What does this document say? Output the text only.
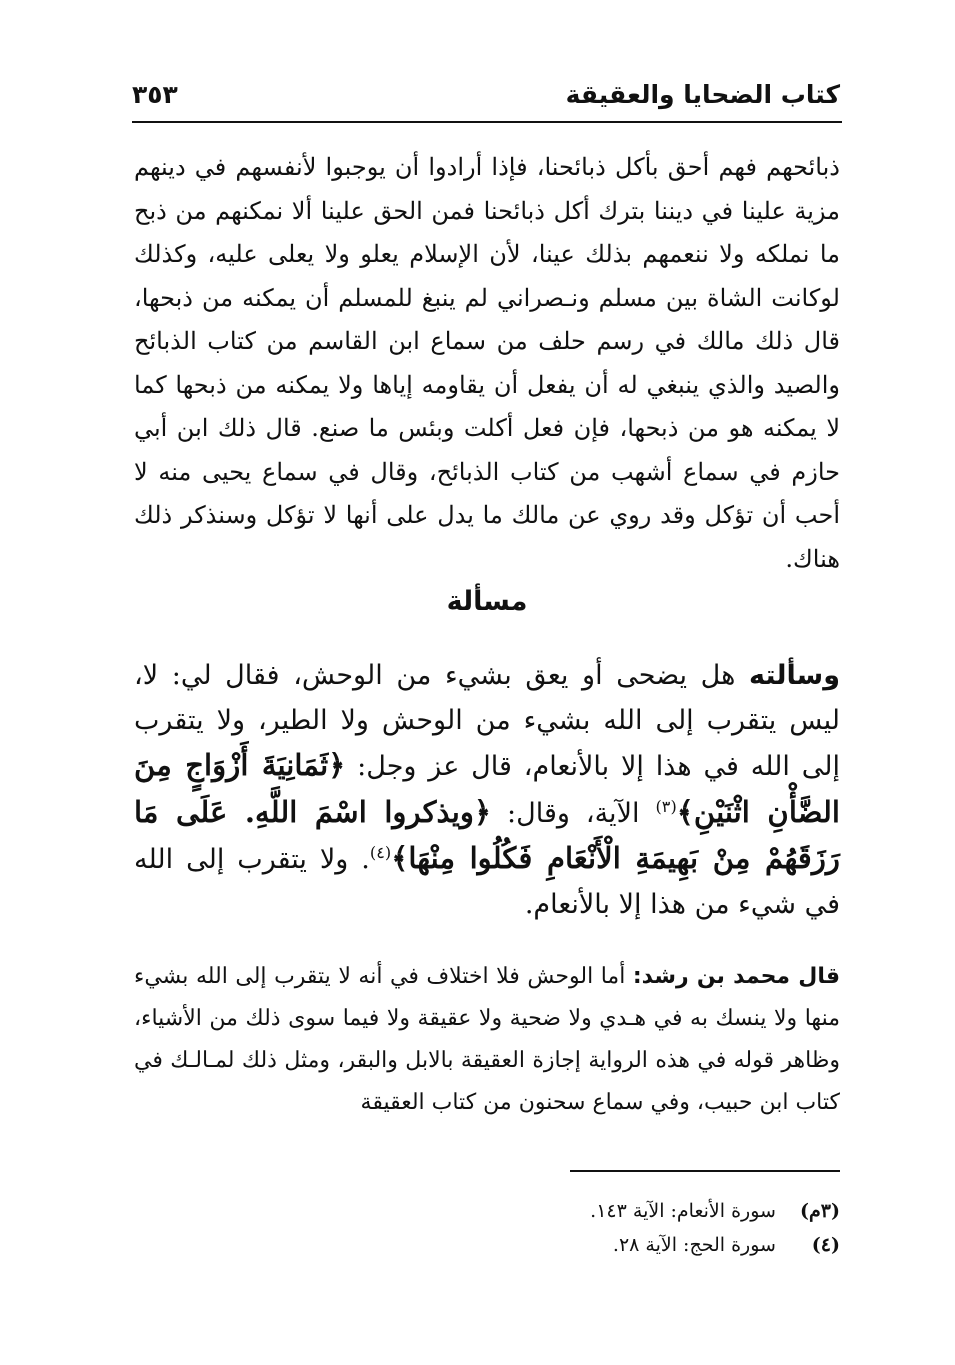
كتاب الضحايا والعقيقة
٣٥٣

ذبائحهم فهم أحق بأكل ذبائحنا، فإذا أرادوا أن يوجبوا لأنفسهم في دينهم مزية علينا في ديننا بترك أكل ذبائحنا فمن الحق علينا ألا نمكنهم من ذبح ما نملكه ولا ننعمهم بذلك عينا، لأن الإسلام يعلو ولا يعلى عليه، وكذلك لوكانت الشاة بين مسلم ونـصراني لم ينبغ للمسلم أن يمكنه من ذبحها، قال ذلك مالك في رسم حلف من سماع ابن القاسم من كتاب الذبائح والصيد والذي ينبغي له أن يفعل أن يقاومه إياها ولا يمكنه من ذبحها كما لا يمكنه هو من ذبحها، فإن فعل أكلت وبئس ما صنع. قال ذلك ابن أبي حازم في سماع أشهب من كتاب الذبائح، وقال في سماع يحيى منه لا أحب أن تؤكل وقد روي عن مالك ما يدل على أنها لا تؤكل وسنذكر ذلك هناك.

مسألة

وسألته هل يضحى أو يعق بشيء من الوحش، فقال لي: لا، ليس يتقرب إلى الله بشيء من الوحش ولا الطير، ولا يتقرب إلى الله في هذا إلا بالأنعام، قال عز وجل: ﴿ثَمَانِيَةَ أَزْوَاجٍ مِنَ الضَّأْنِ اثْنَيْنِ﴾$^{(٣)}$ الآية، وقال: ﴿ويذكروا اسْمَ اللَّهِ. عَلَى مَا رَزَقَهُمْ مِنْ بَهِيمَةِ الْأَنْعَامِ فَكُلُوا مِنْهَا﴾$^{(٤)}$. ولا يتقرب إلى الله في شيء من هذا إلا بالأنعام.

قال محمد بن رشد: أما الوحش فلا اختلاف في أنه لا يتقرب إلى الله بشيء منها ولا ينسك به في هـدي ولا ضحية ولا عقيقة ولا فيما سوى ذلك من الأشياء، وظاهر قوله في هذه الرواية إجازة العقيقة بالابل والبقر، ومثل ذلك لمـالـك في كتاب ابن حبيب، وفي سماع سحنون من كتاب العقيقة

(٣م) سورة الأنعام: الآية ١٤٣.
(٤) سورة الحج: الآية ٢٨.
